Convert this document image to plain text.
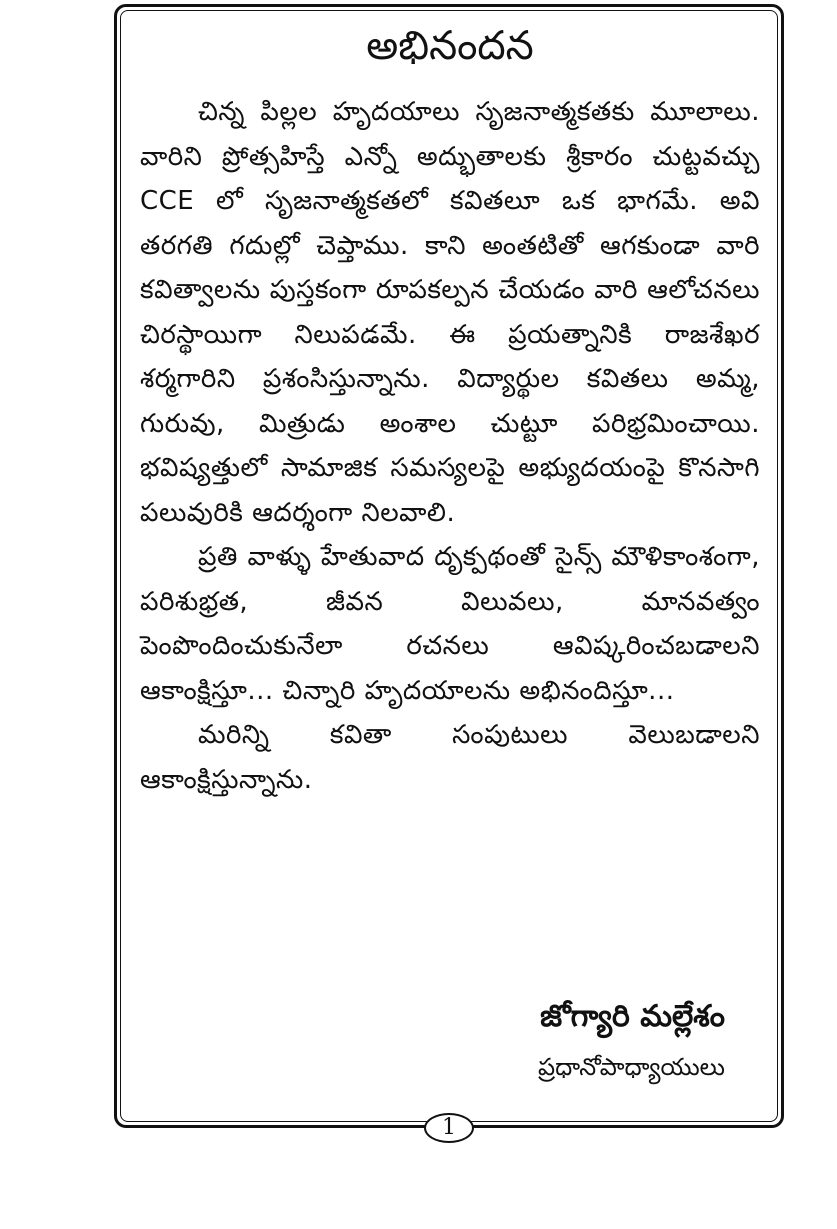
అభినందన

చిన్న పిల్లల హృదయాలు సృజనాత్మకతకు మూలాలు. వారిని ప్రోత్సహిస్తే ఎన్నో అద్భుతాలకు శ్రీకారం చుట్టవచ్చు CCE లో సృజనాత్మకతలో కవితలూ ఒక భాగమే. అవి తరగతి గదుల్లో చెప్తాము. కాని అంతటితో ఆగకుండా వారి కవిత్వాలను పుస్తకంగా రూపకల్పన చేయడం వారి ఆలోచనలు చిరస్థాయిగా నిలుపడమే. ఈ ప్రయత్నానికి రాజశేఖర శర్మగారిని ప్రశంసిస్తున్నాను. విద్యార్థుల కవితలు అమ్మ, గురువు, మిత్రుడు అంశాల చుట్టూ పరిభ్రమించాయి. భవిష్యత్తులో సామాజిక సమస్యలపై అభ్యుదయంపై కొనసాగి పలువురికి ఆదర్శంగా నిలవాలి.

ప్రతి వాళ్ళు హేతువాద దృక్పథంతో సైన్స్ మౌళికాంశంగా, పరిశుభ్రత, జీవన విలువలు, మానవత్వం పెంపొందించుకునేలా రచనలు ఆవిష్కరించబడాలని ఆకాంక్షిస్తూ... చిన్నారి హృదయాలను అభినందిస్తూ...

మరిన్ని కవితా సంపుటులు వెలుబడాలని ఆకాంక్షిస్తున్నాను.

జోగ్యారి మల్లేశం
ప్రధానోపాధ్యాయులు
1
